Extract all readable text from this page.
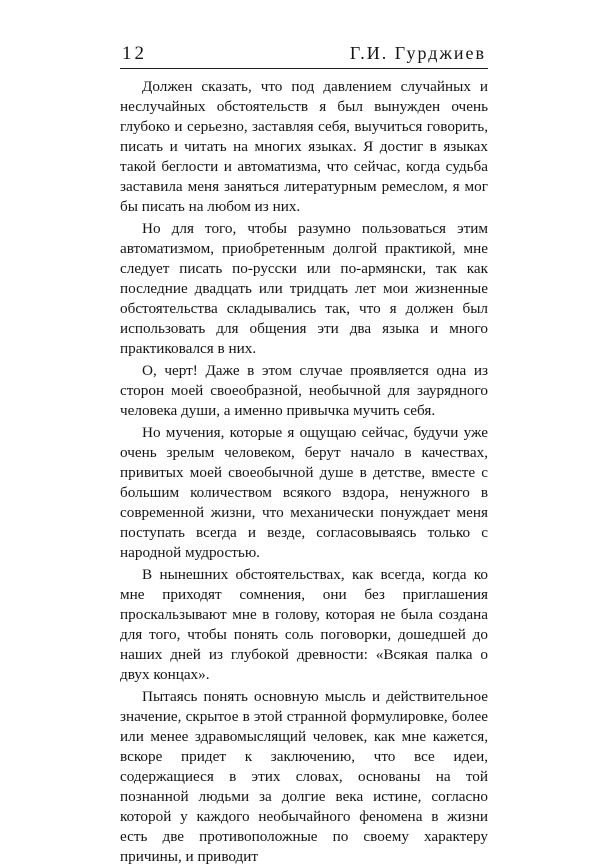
12	Г.И. Гурджиев

Должен сказать, что под давлением случайных и неслучайных обстоятельств я был вынужден очень глубоко и серьезно, заставляя себя, выучиться говорить, писать и читать на многих языках. Я достиг в языках такой беглости и автоматизма, что сейчас, когда судьба заставила меня заняться литературным ремеслом, я мог бы писать на любом из них.

Но для того, чтобы разумно пользоваться этим автоматизмом, приобретенным долгой практикой, мне следует писать по-русски или по-армянски, так как последние двадцать или тридцать лет мои жизненные обстоятельства складывались так, что я должен был использовать для общения эти два языка и много практиковался в них.

О, черт! Даже в этом случае проявляется одна из сторон моей своеобразной, необычной для заурядного человека души, а именно привычка мучить себя.

Но мучения, которые я ощущаю сейчас, будучи уже очень зрелым человеком, берут начало в качествах, привитых моей своеобычной душе в детстве, вместе с большим количеством всякого вздора, ненужного в современной жизни, что механически понуждает меня поступать всегда и везде, согласовываясь только с народной мудростью.

В нынешних обстоятельствах, как всегда, когда ко мне приходят сомнения, они без приглашения проскальзывают мне в голову, которая не была создана для того, чтобы понять соль поговорки, дошедшей до наших дней из глубокой древности: «Всякая палка о двух концах».

Пытаясь понять основную мысль и действительное значение, скрытое в этой странной формулировке, более или менее здравомыслящий человек, как мне кажется, вскоре придет к заключению, что все идеи, содержащиеся в этих словах, основаны на той познанной людьми за долгие века истине, согласно которой у каждого необычайного феномена в жизни есть две противоположные по своему характеру причины, и приводит
